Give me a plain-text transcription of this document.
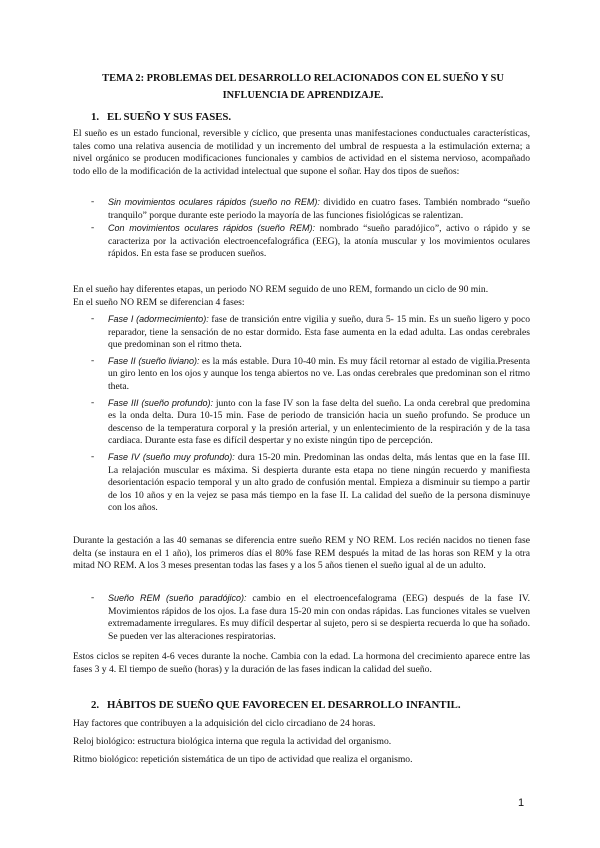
TEMA 2: PROBLEMAS DEL DESARROLLO RELACIONADOS CON EL SUEÑO Y SU INFLUENCIA DE APRENDIZAJE.

1. EL SUEÑO Y SUS FASES.

El sueño es un estado funcional, reversible y cíclico, que presenta unas manifestaciones conductuales características, tales como una relativa ausencia de motilidad y un incremento del umbral de respuesta a la estimulación externa; a nivel orgánico se producen modificaciones funcionales y cambios de actividad en el sistema nervioso, acompañado todo ello de la modificación de la actividad intelectual que supone el soñar. Hay dos tipos de sueños:

- Sin movimientos oculares rápidos (sueño no REM): dividido en cuatro fases. También nombrado “sueño tranquilo” porque durante este periodo la mayoría de las funciones fisiológicas se ralentizan.
- Con movimientos oculares rápidos (sueño REM): nombrado “sueño paradójico”, activo o rápido y se caracteriza por la activación electroencefalográfica (EEG), la atonía muscular y los movimientos oculares rápidos. En esta fase se producen sueños.

En el sueño hay diferentes etapas, un periodo NO REM seguido de uno REM, formando un ciclo de 90 min.

En el sueño NO REM se diferencian 4 fases:

- Fase I (adormecimiento): fase de transición entre vigilia y sueño, dura 5- 15 min. Es un sueño ligero y poco reparador, tiene la sensación de no estar dormido. Esta fase aumenta en la edad adulta. Las ondas cerebrales que predominan son el ritmo theta.
- Fase II (sueño liviano): es la más estable. Dura 10-40 min. Es muy fácil retornar al estado de vigilia.Presenta un giro lento en los ojos y aunque los tenga abiertos no ve. Las ondas cerebrales que predominan son el ritmo theta.
- Fase III (sueño profundo): junto con la fase IV son la fase delta del sueño. La onda cerebral que predomina es la onda delta. Dura 10-15 min. Fase de periodo de transición hacia un sueño profundo. Se produce un descenso de la temperatura corporal y la presión arterial, y un enlentecimiento de la respiración y de la tasa cardiaca. Durante esta fase es difícil despertar y no existe ningún tipo de percepción.
- Fase IV (sueño muy profundo): dura 15-20 min. Predominan las ondas delta, más lentas que en la fase III. La relajación muscular es máxima. Si despierta durante esta etapa no tiene ningún recuerdo y manifiesta desorientación espacio temporal y un alto grado de confusión mental. Empieza a disminuir su tiempo a partir de los 10 años y en la vejez se pasa más tiempo en la fase II. La calidad del sueño de la persona disminuye con los años.

Durante la gestación a las 40 semanas se diferencia entre sueño REM y NO REM. Los recién nacidos no tienen fase delta (se instaura en el 1 año), los primeros días el 80% fase REM después la mitad de las horas son REM y la otra mitad NO REM. A los 3 meses presentan todas las fases y a los 5 años tienen el sueño igual al de un adulto.

- Sueño REM (sueño paradójico): cambio en el electroencefalograma (EEG) después de la fase IV. Movimientos rápidos de los ojos. La fase dura 15-20 min con ondas rápidas. Las funciones vitales se vuelven extremadamente irregulares. Es muy difícil despertar al sujeto, pero si se despierta recuerda lo que ha soñado. Se pueden ver las alteraciones respiratorias.

Estos ciclos se repiten 4-6 veces durante la noche. Cambia con la edad. La hormona del crecimiento aparece entre las fases 3 y 4. El tiempo de sueño (horas) y la duración de las fases indican la calidad del sueño.

2. HÁBITOS DE SUEÑO QUE FAVORECEN EL DESARROLLO INFANTIL.

Hay factores que contribuyen a la adquisición del ciclo circadiano de 24 horas.

Reloj biológico: estructura biológica interna que regula la actividad del organismo.

Ritmo biológico: repetición sistemática de un tipo de actividad que realiza el organismo.

1
